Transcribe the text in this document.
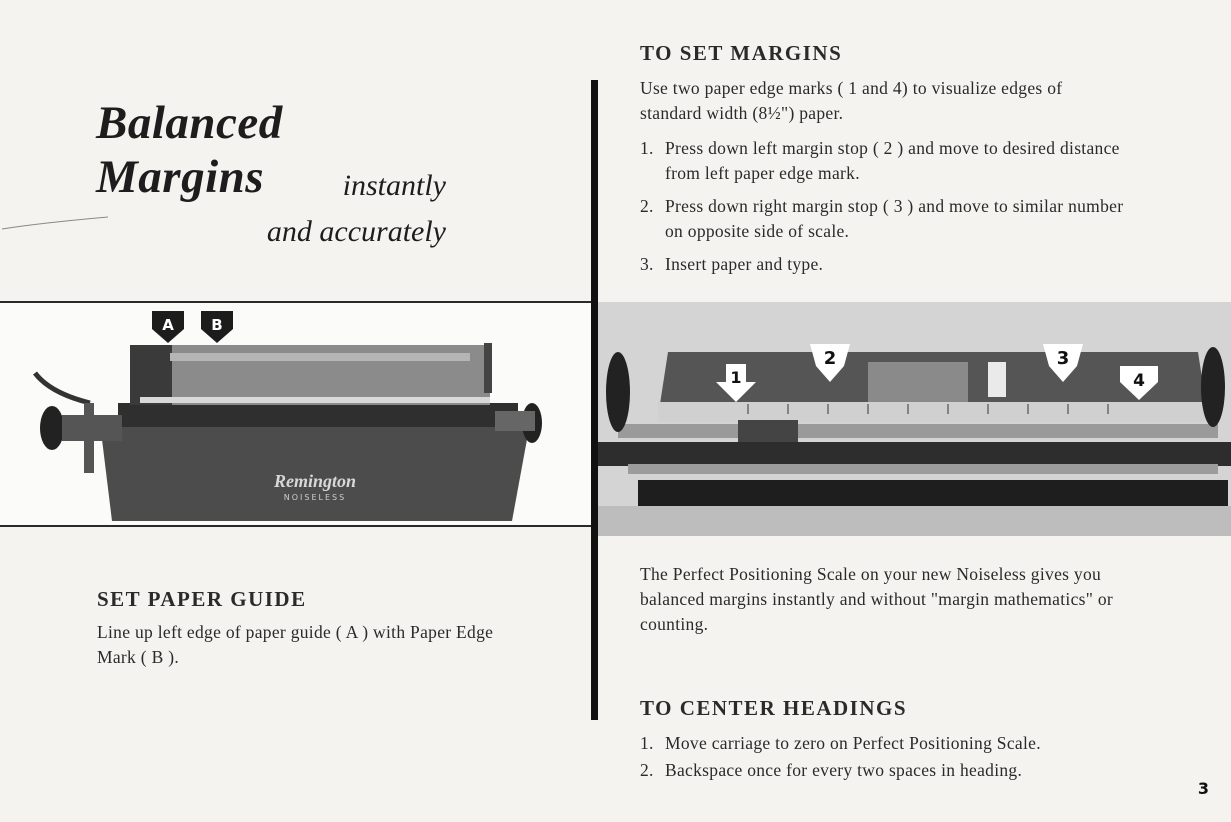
Balanced Margins	instantly
and accurately
Remington
NOISELESS
A B
SET PAPER GUIDE

Line up left edge of paper guide ( A ) with Paper Edge Mark ( B ).

TO SET MARGINS

Use two paper edge marks ( 1 and 4) to visualize edges of standard width (8½") paper.

1. Press down left margin stop ( 2 ) and move to desired distance from left paper edge mark.
2. Press down right margin stop ( 3 ) and move to similar number on opposite side of scale.
3. Insert paper and type.
1
2	3
4

The Perfect Positioning Scale on your new Noiseless gives you balanced margins instantly and without "margin mathematics" or counting.

TO CENTER HEADINGS
1. Move carriage to zero on Perfect Positioning Scale.
2. Backspace once for every two spaces in heading.
3
